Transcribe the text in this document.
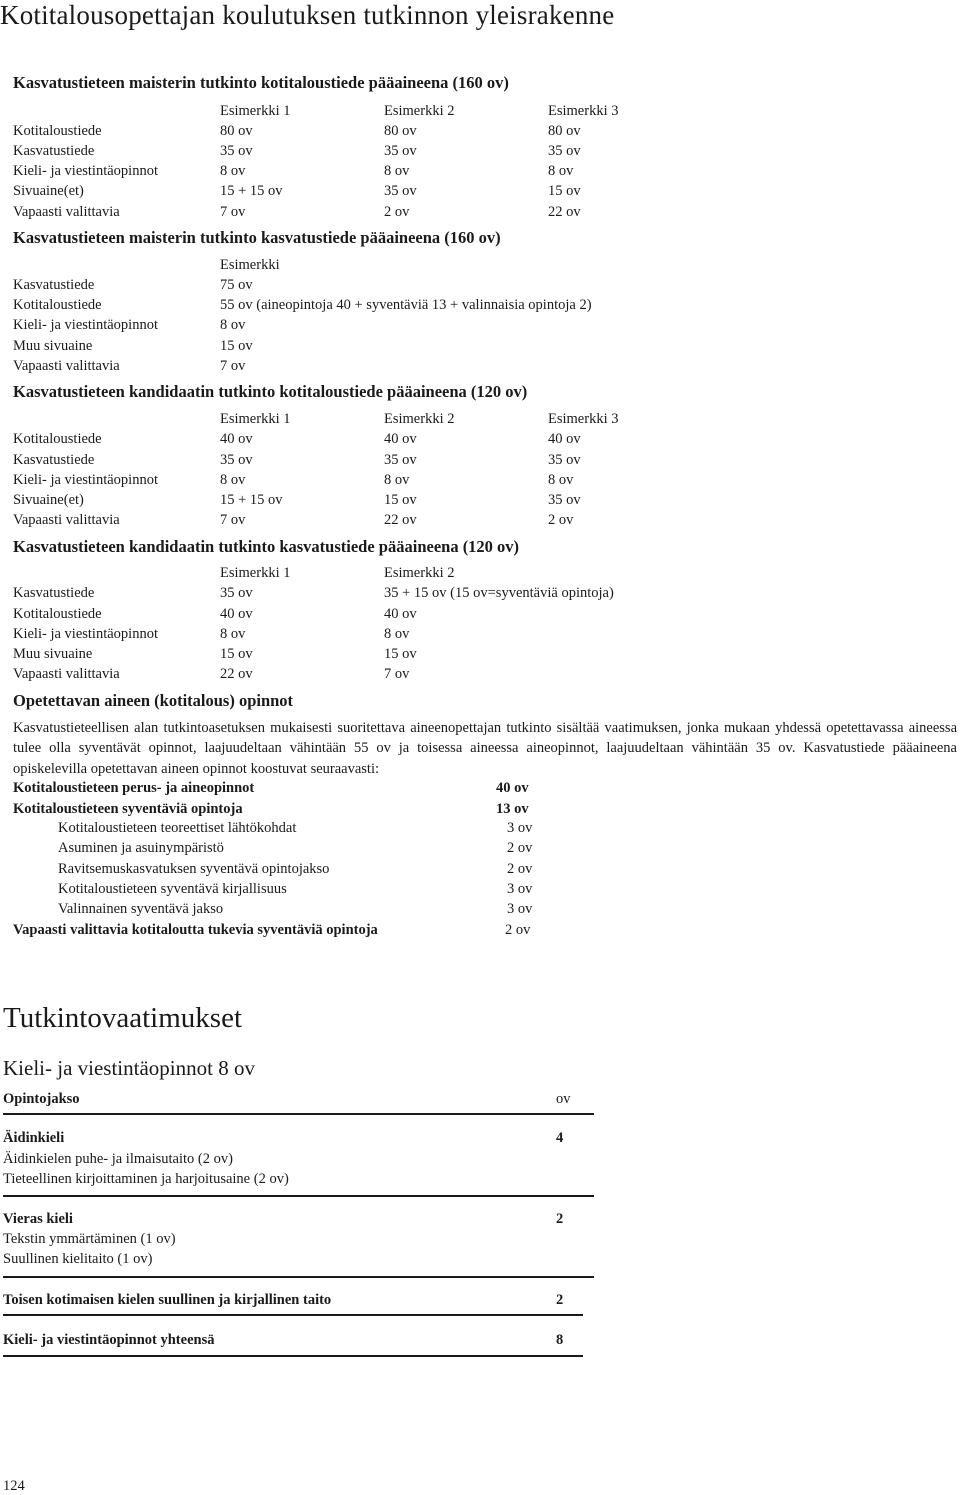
Kotitalousopettajan koulutuksen tutkinnon yleisrakenne
Kasvatustieteen maisterin tutkinto kotitaloustiede pääaineena (160 ov)
Esimerkki 1	Esimerkki 2	Esimerkki 3
Kotitaloustiede	80 ov	80 ov	80 ov
Kasvatustiede	35 ov	35 ov	35 ov
Kieli- ja viestintäopinnot	8 ov	8 ov	8 ov
Sivuaine(et)	15 + 15 ov	35 ov	15 ov
Vapaasti valittavia	7 ov	2 ov	22 ov
Kasvatustieteen maisterin tutkinto kasvatustiede pääaineena (160 ov)
Esimerkki
Kasvatustiede	75 ov
Kotitaloustiede	55 ov (aineopintoja 40 + syventäviä 13 + valinnaisia opintoja 2)
Kieli- ja viestintäopinnot	8 ov
Muu sivuaine	15 ov
Vapaasti valittavia	7 ov
Kasvatustieteen kandidaatin tutkinto kotitaloustiede pääaineena (120 ov)
Esimerkki 1	Esimerkki 2	Esimerkki 3
Kotitaloustiede	40 ov	40 ov	40 ov
Kasvatustiede	35 ov	35 ov	35 ov
Kieli- ja viestintäopinnot	8 ov	8 ov	8 ov
Sivuaine(et)	15 + 15 ov	15 ov	35 ov
Vapaasti valittavia	7 ov	22 ov	2 ov
Kasvatustieteen kandidaatin tutkinto kasvatustiede pääaineena (120 ov)
Esimerkki 1	Esimerkki 2
Kasvatustiede	35 ov	35 + 15 ov (15 ov=syventäviä opintoja)
Kotitaloustiede	40 ov	40 ov
Kieli- ja viestintäopinnot	8 ov	8 ov
Muu sivuaine	15 ov	15 ov
Vapaasti valittavia	22 ov	7 ov
Opetettavan aineen (kotitalous) opinnot

Kasvatustieteellisen alan tutkintoasetuksen mukaisesti suoritettava aineenopettajan tutkinto sisältää vaatimuksen, jonka mukaan yhdessä opetettavassa aineessa tulee olla syventävät opinnot, laajuudeltaan vähintään 55 ov ja toisessa aineessa aineopinnot, laajuudeltaan vähintään 35 ov. Kasvatustiede pääaineena opiskelevilla opetettavan aineen opinnot koostuvat seuraavasti:

Kotitaloustieteen perus- ja aineopinnot	40 ov
Kotitaloustieteen syventäviä opintoja	13 ov
Kotitaloustieteen teoreettiset lähtökohdat	3 ov
Asuminen ja asuinympäristö	2 ov
Ravitsemuskasvatuksen syventävä opintojakso	2 ov
Kotitaloustieteen syventävä kirjallisuus	3 ov
Valinnainen syventävä jakso	3 ov
Vapaasti valittavia kotitaloutta tukevia syventäviä opintoja	2 ov
Tutkintovaatimukset
Kieli- ja viestintäopinnot 8 ov
Opintojakso	ov
Äidinkieli	4
Äidinkielen puhe- ja ilmaisutaito (2 ov)
Tieteellinen kirjoittaminen ja harjoitusaine (2 ov)
Vieras kieli	2
Tekstin ymmärtäminen (1 ov)
Suullinen kielitaito (1 ov)
Toisen kotimaisen kielen suullinen ja kirjallinen taito	2
Kieli- ja viestintäopinnot yhteensä	8
124
